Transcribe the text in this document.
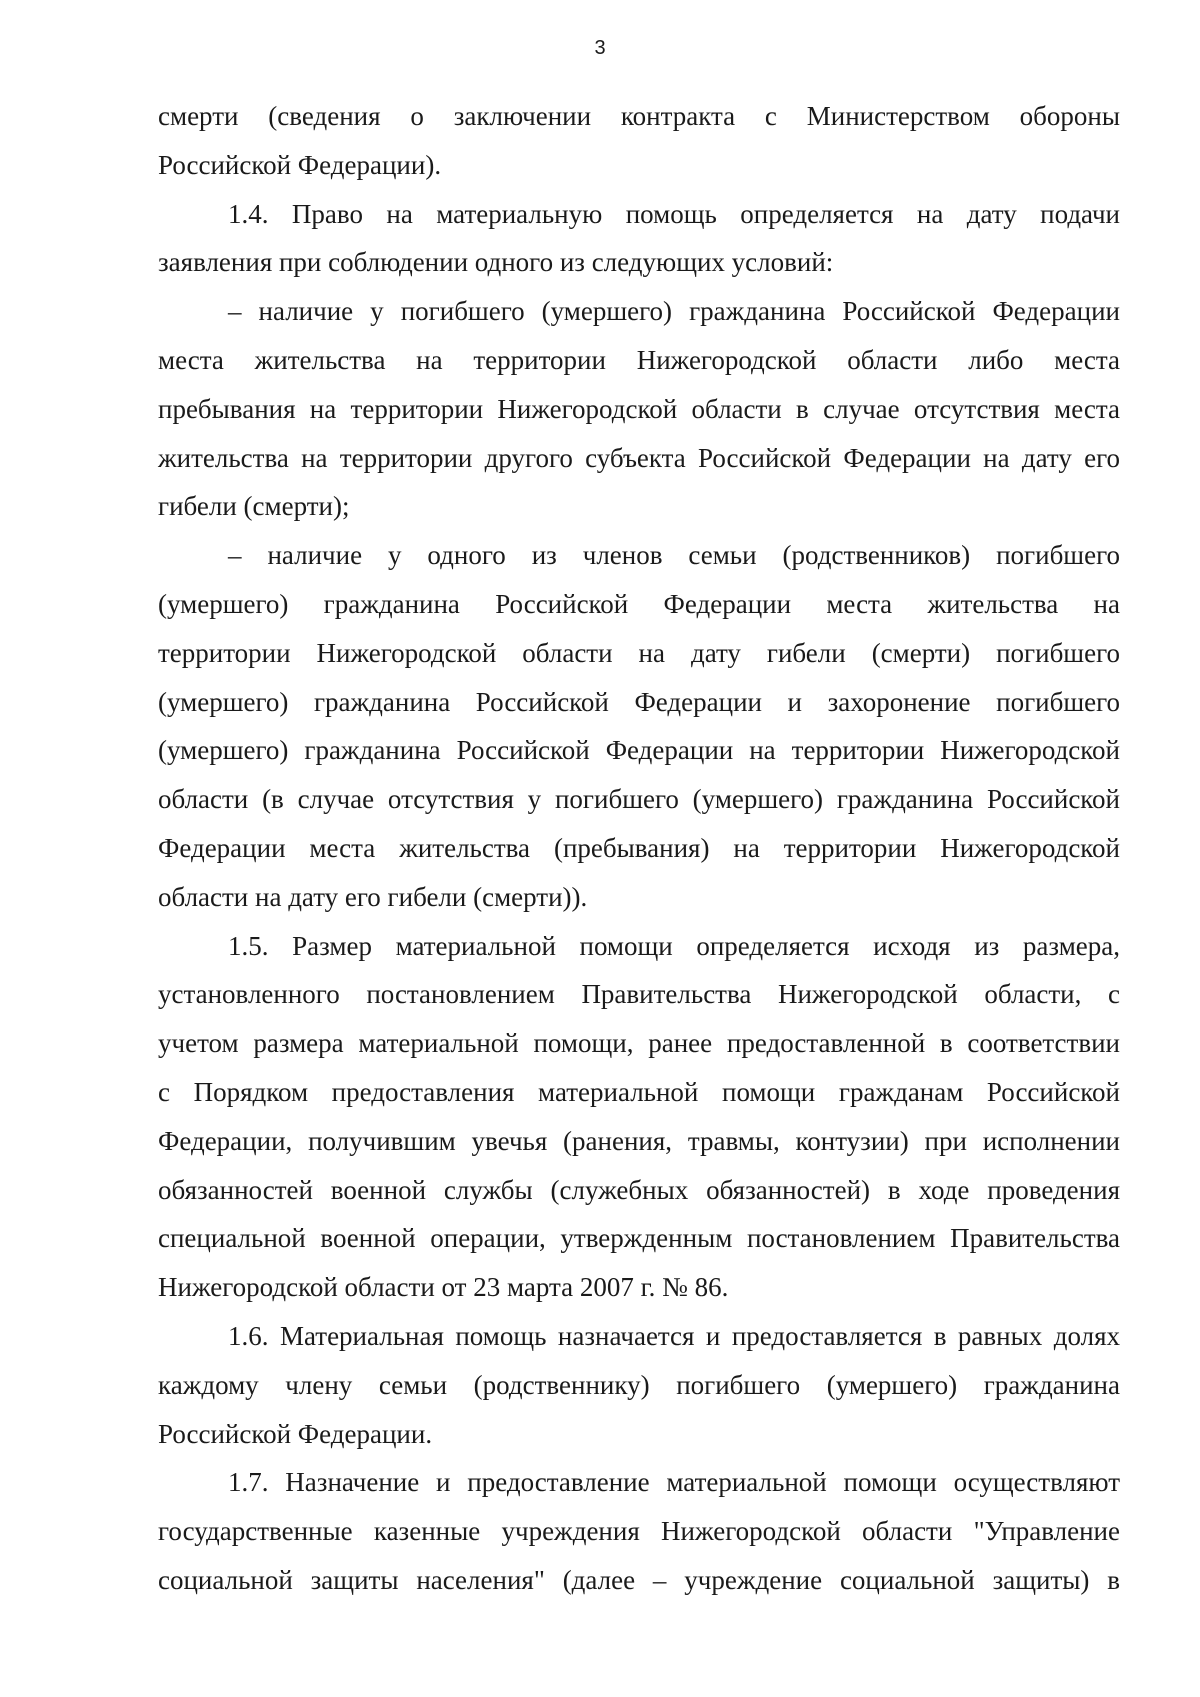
3
смерти (сведения о заключении контракта с Министерством обороны
Российской Федерации).
1.4. Право на материальную помощь определяется на дату подачи
заявления при соблюдении одного из следующих условий:
– наличие у погибшего (умершего) гражданина Российской Федерации
места жительства на территории Нижегородской области либо места
пребывания на территории Нижегородской области в случае отсутствия места
жительства на территории другого субъекта Российской Федерации на дату его
гибели (смерти);
– наличие у одного из членов семьи (родственников) погибшего
(умершего) гражданина Российской Федерации места жительства на
территории Нижегородской области на дату гибели (смерти) погибшего
(умершего) гражданина Российской Федерации и захоронение погибшего
(умершего) гражданина Российской Федерации на территории Нижегородской
области (в случае отсутствия у погибшего (умершего) гражданина Российской
Федерации места жительства (пребывания) на территории Нижегородской
области на дату его гибели (смерти)).
1.5. Размер материальной помощи определяется исходя из размера,
установленного постановлением Правительства Нижегородской области, с
учетом размера материальной помощи, ранее предоставленной в соответствии
с Порядком предоставления материальной помощи гражданам Российской
Федерации, получившим увечья (ранения, травмы, контузии) при исполнении
обязанностей военной службы (служебных обязанностей) в ходе проведения
специальной военной операции, утвержденным постановлением Правительства
Нижегородской области от 23 марта 2007 г. № 86.
1.6. Материальная помощь назначается и предоставляется в равных долях
каждому члену семьи (родственнику) погибшего (умершего) гражданина
Российской Федерации.
1.7. Назначение и предоставление материальной помощи осуществляют
государственные казенные учреждения Нижегородской области "Управление
социальной защиты населения" (далее – учреждение социальной защиты) в
